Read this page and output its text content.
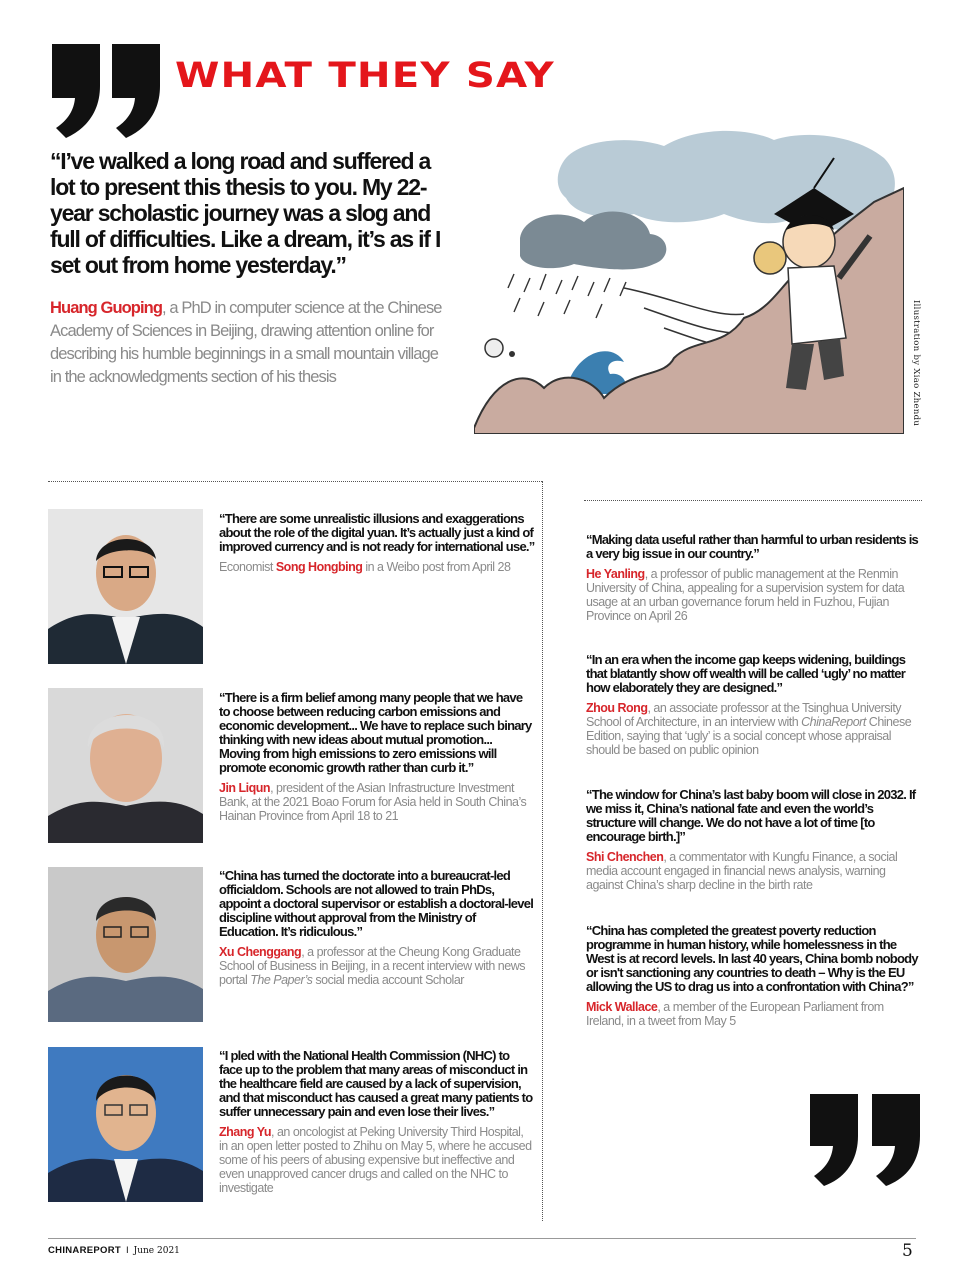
WHAT THEY SAY
“I’ve walked a long road and suffered a lot to present this thesis to you. My 22-year scholastic journey was a slog and full of difficulties. Like a dream, it’s as if I set out from home yesterday.”
Huang Guoping, a PhD in computer science at the Chinese Academy of Sciences in Beijing, drawing attention online for describing his humble beginnings in a small mountain village in the acknowledgments section of his thesis	Illustration by Xiao Zhendu
“There are some unrealistic illusions and exaggerations about the role of the digital yuan. It’s actually just a kind of improved currency and is not ready for international use.”
Economist Song Hongbing in a Weibo post from April 28
“There is a firm belief among many people that we have to choose between reducing carbon emissions and economic development... We have to replace such binary thinking with new ideas about mutual promotion... Moving from high emissions to zero emissions will promote economic growth rather than curb it.”
Jin Liqun, president of the Asian Infrastructure Investment Bank, at the 2021 Boao Forum for Asia held in South China’s Hainan Province from April 18 to 21
“China has turned the doctorate into a bureaucrat-led officialdom. Schools are not allowed to train PhDs, appoint a doctoral supervisor or establish a doctoral-level discipline without approval from the Ministry of Education. It’s ridiculous.”
Xu Chenggang, a professor at the Cheung Kong Graduate School of Business in Beijing, in a recent interview with news portal The Paper’s social media account Scholar
“I pled with the National Health Commission (NHC) to face up to the problem that many areas of misconduct in the healthcare field are caused by a lack of supervision, and that misconduct has caused a great many patients to suffer unnecessary pain and even lose their lives.”
Zhang Yu, an oncologist at Peking University Third Hospital, in an open letter posted to Zhihu on May 5, where he accused some of his peers of abusing expensive but ineffective and even unapproved cancer drugs and called on the NHC to investigate
“Making data useful rather than harmful to urban residents is a very big issue in our country.”
He Yanling, a professor of public management at the Renmin University of China, appealing for a supervision system for data usage at an urban governance forum held in Fuzhou, Fujian Province on April 26
“In an era when the income gap keeps widening, buildings that blatantly show off wealth will be called ‘ugly’ no matter how elaborately they are designed.”
Zhou Rong, an associate professor at the Tsinghua University School of Architecture, in an interview with ChinaReport Chinese Edition, saying that ‘ugly’ is a social concept whose appraisal should be based on public opinion
“The window for China’s last baby boom will close in 2032. If we miss it, China’s national fate and even the world’s structure will change. We do not have a lot of time [to encourage birth.]”
Shi Chenchen, a commentator with Kungfu Finance, a social media account engaged in financial news analysis, warning against China’s sharp decline in the birth rate
“China has completed the greatest poverty reduction programme in human history, while homelessness in the West is at record levels. In last 40 years, China bomb nobody or isn't sanctioning any countries to death – Why is the EU allowing the US to drag us into a confrontation with China?”
Mick Wallace, a member of the European Parliament from Ireland, in a tweet from May 5
CHINAREPORT I June 2021	5
